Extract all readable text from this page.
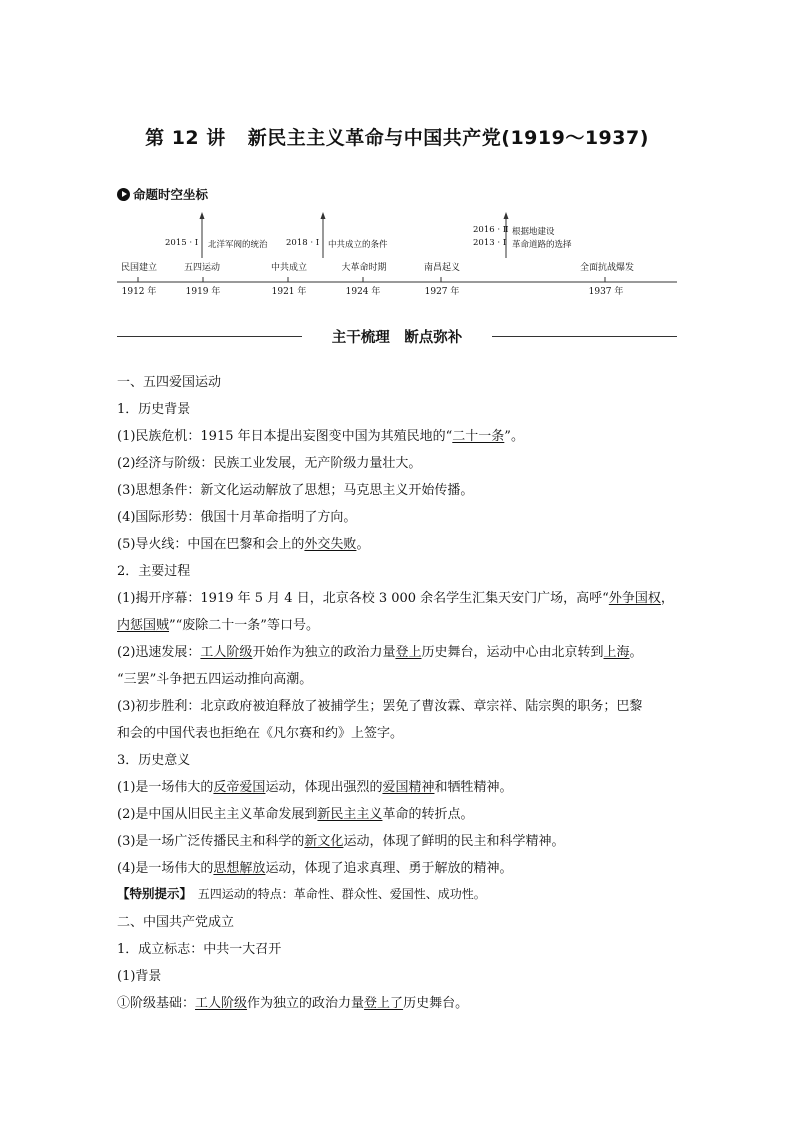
第 12 讲 新民主主义革命与中国共产党(1919～1937)
命题时空坐标
2015 · Ⅰ 北洋军阀的统治 2018 · Ⅰ 中共成立的条件
2016 · Ⅱ
2013 · Ⅰ
根据地建设
革命道路的选择
民国建立	五四运动	中共成立	大革命时期	南昌起义	全面抗战爆发
1912 年	1919 年	1921 年	1924 年	1927 年	1937 年
主干梳理　断点弥补
一、五四爱国运动
1．历史背景
(1)民族危机：1915 年日本提出妄图变中国为其殖民地的“二十一条”。
(2)经济与阶级：民族工业发展，无产阶级力量壮大。
(3)思想条件：新文化运动解放了思想；马克思主义开始传播。
(4)国际形势：俄国十月革命指明了方向。
(5)导火线：中国在巴黎和会上的外交失败。
2．主要过程
(1)揭开序幕：1919 年 5 月 4 日，北京各校 3 000 余名学生汇集天安门广场，高呼“外争国权，
内惩国贼”“废除二十一条”等口号。
(2)迅速发展：工人阶级开始作为独立的政治力量登上历史舞台，运动中心由北京转到上海。
“三罢”斗争把五四运动推向高潮。
(3)初步胜利：北京政府被迫释放了被捕学生；罢免了曹汝霖、章宗祥、陆宗舆的职务；巴黎
和会的中国代表也拒绝在《凡尔赛和约》上签字。
3．历史意义
(1)是一场伟大的反帝爱国运动，体现出强烈的爱国精神和牺牲精神。
(2)是中国从旧民主主义革命发展到新民主主义革命的转折点。
(3)是一场广泛传播民主和科学的新文化运动，体现了鲜明的民主和科学精神。
(4)是一场伟大的思想解放运动，体现了追求真理、勇于解放的精神。
【特别提示】　五四运动的特点：革命性、群众性、爱国性、成功性。
二、中国共产党成立
1．成立标志：中共一大召开
(1)背景
①阶级基础：工人阶级作为独立的政治力量登上了历史舞台。
